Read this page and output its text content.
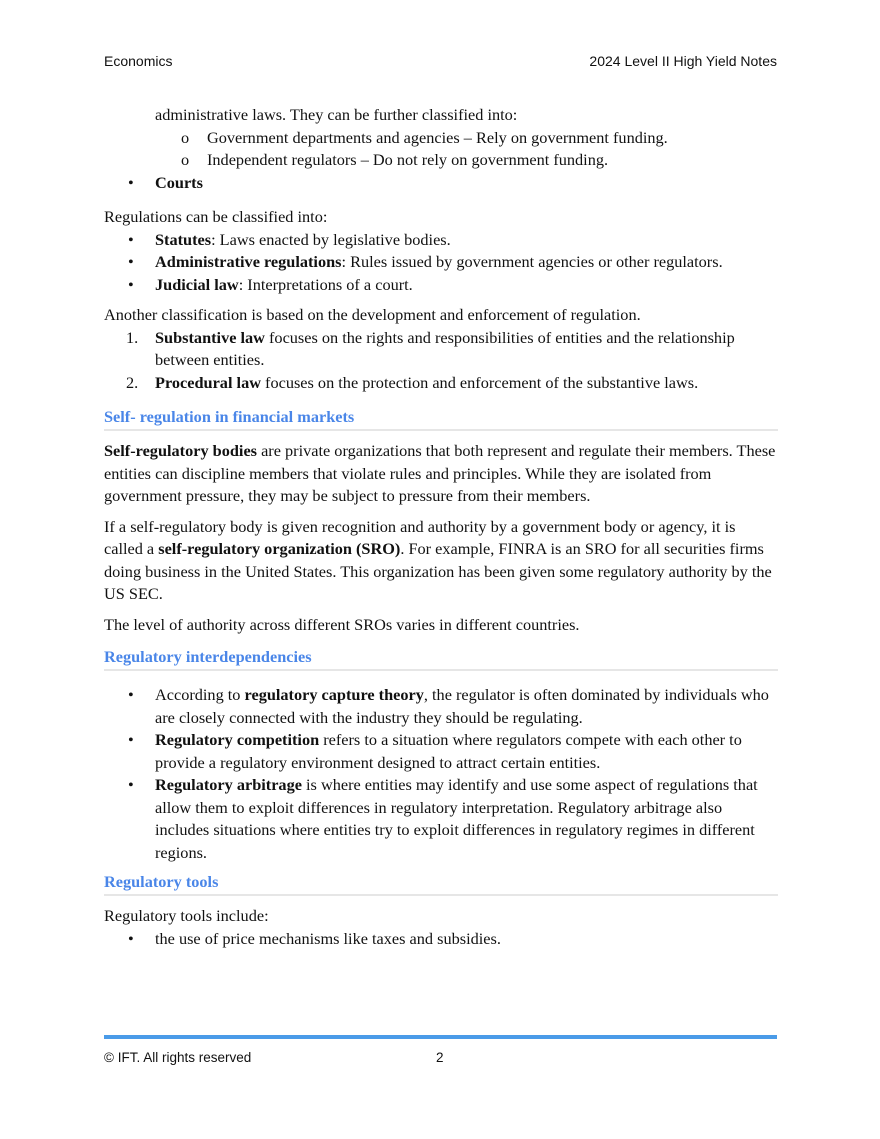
Economics	2024 Level II High Yield Notes
administrative laws. They can be further classified into:
o Government departments and agencies – Rely on government funding.
o Independent regulators – Do not rely on government funding.
• Courts
Regulations can be classified into:
• Statutes: Laws enacted by legislative bodies.
• Administrative regulations: Rules issued by government agencies or other regulators.
• Judicial law: Interpretations of a court.
Another classification is based on the development and enforcement of regulation.
1. Substantive law focuses on the rights and responsibilities of entities and the relationship between entities.
2. Procedural law focuses on the protection and enforcement of the substantive laws.
Self- regulation in financial markets

Self-regulatory bodies are private organizations that both represent and regulate their members. These entities can discipline members that violate rules and principles. While they are isolated from government pressure, they may be subject to pressure from their members.

If a self-regulatory body is given recognition and authority by a government body or agency, it is called a self-regulatory organization (SRO). For example, FINRA is an SRO for all securities firms doing business in the United States. This organization has been given some regulatory authority by the US SEC.

The level of authority across different SROs varies in different countries.

Regulatory interdependencies
• According to regulatory capture theory, the regulator is often dominated by individuals who are closely connected with the industry they should be regulating.
• Regulatory competition refers to a situation where regulators compete with each other to provide a regulatory environment designed to attract certain entities.
• Regulatory arbitrage is where entities may identify and use some aspect of regulations that allow them to exploit differences in regulatory interpretation. Regulatory arbitrage also includes situations where entities try to exploit differences in regulatory regimes in different regions.
Regulatory tools
Regulatory tools include:
• the use of price mechanisms like taxes and subsidies.
© IFT. All rights reserved	2
